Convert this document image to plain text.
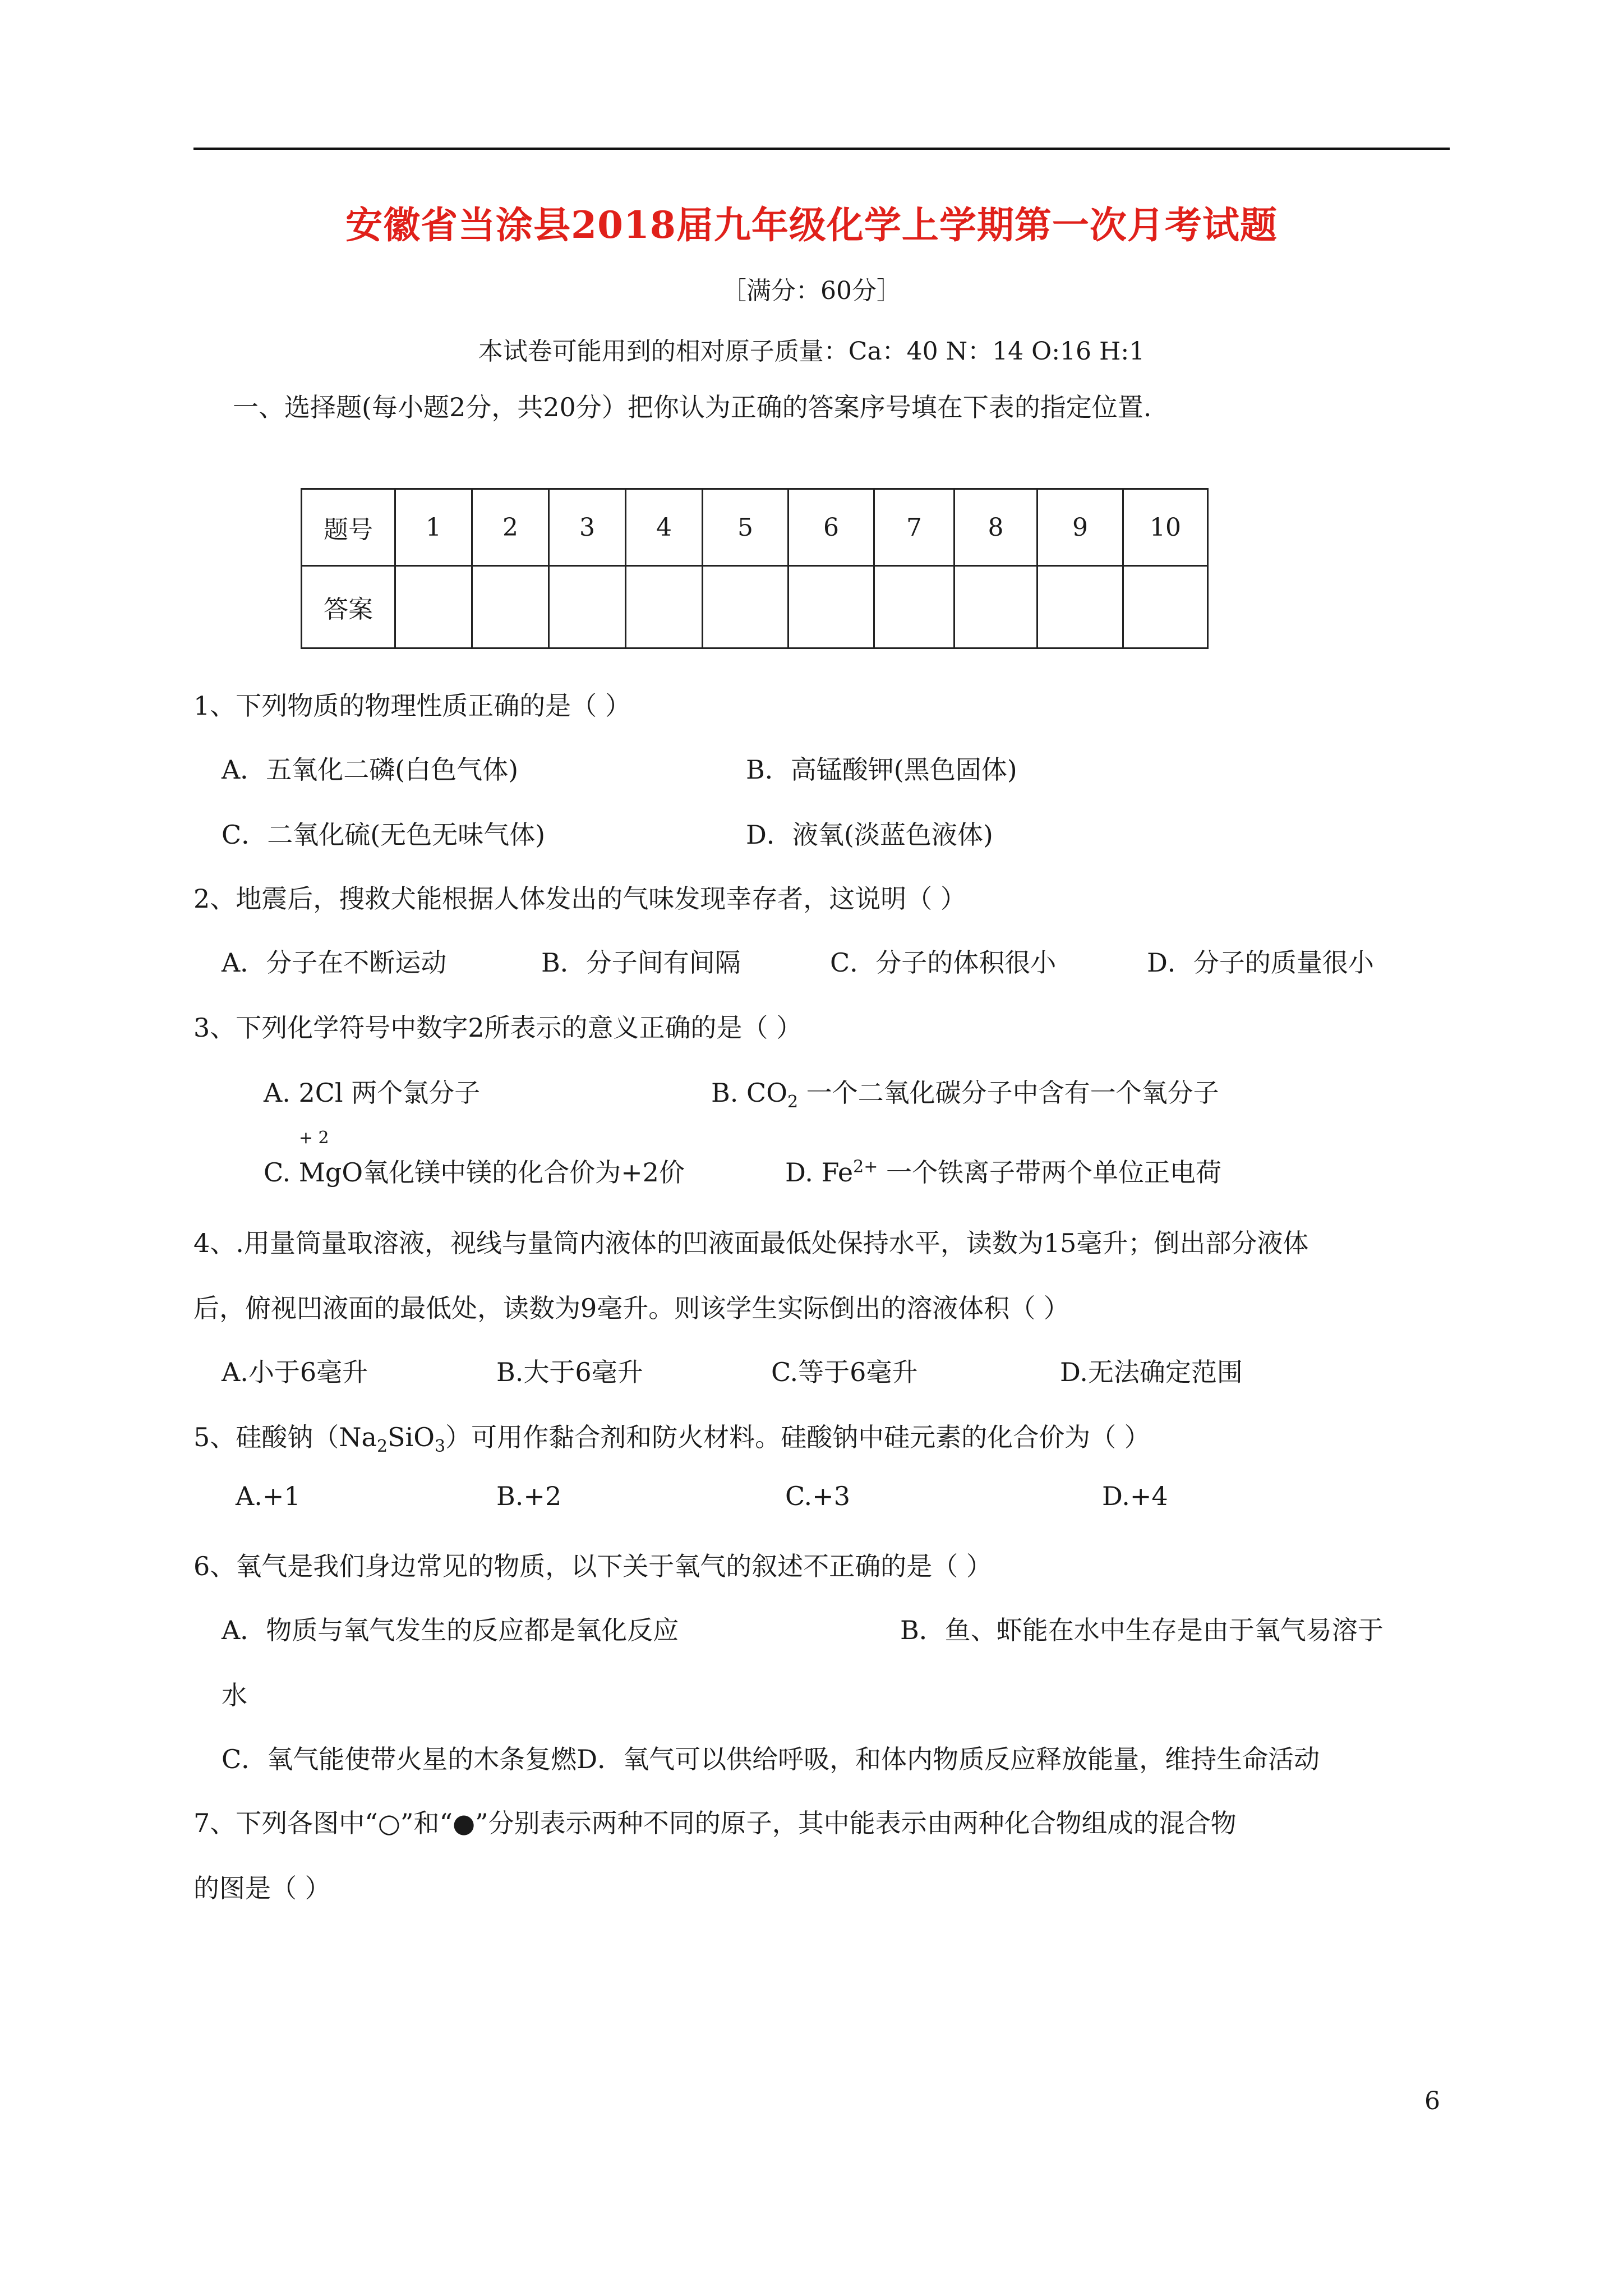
安徽省当涂县2018届九年级化学上学期第一次月考试题
［满分：60分］
本试卷可能用到的相对原子质量：Ca：40 N：14 O:16 H:1
一、选择题(每小题2分，共20分）把你认为正确的答案序号填在下表的指定位置.
题号	1	2	3	4	5	6	7	8	9	10
答案										
1、下列物质的物理性质正确的是（ ）
A．五氧化二磷(白色气体)	B．高锰酸钾(黑色固体)
C．二氧化硫(无色无味气体)	D．液氧(淡蓝色液体)
2、地震后，搜救犬能根据人体发出的气味发现幸存者，这说明（ ）
A．分子在不断运动	B．分子间有间隔	C．分子的体积很小	D．分子的质量很小
3、下列化学符号中数字2所表示的意义正确的是（ ）
A. 2Cl 两个氯分子	B. $CO_2$ 一个二氧化碳分子中含有一个氧分子
C.
+ 2
MgO氧化镁中镁的化合价为+2价	D. $Fe^{2+}$ 一个铁离子带两个单位正电荷
4、.用量筒量取溶液，视线与量筒内液体的凹液面最低处保持水平，读数为15毫升；倒出部分液体
后，俯视凹液面的最低处，读数为9毫升。则该学生实际倒出的溶液体积（ ）
A.小于6毫升	B.大于6毫升	C.等于6毫升	D.无法确定范围
5、硅酸钠$(Na_2SiO_3)$可用作黏合剂和防火材料。硅酸钠中硅元素的化合价为（ ）
A.+1	B.+2	C.+3	D.+4
6、氧气是我们身边常见的物质，以下关于氧气的叙述不正确的是（ ）
A．物质与氧气发生的反应都是氧化反应	B．鱼、虾能在水中生存是由于氧气易溶于
水
C．氧气能使带火星的木条复燃D．氧气可以供给呼吸，和体内物质反应释放能量，维持生命活动
7、下列各图中“○”和“●”分别表示两种不同的原子，其中能表示由两种化合物组成的混合物
的图是（ ）
6
